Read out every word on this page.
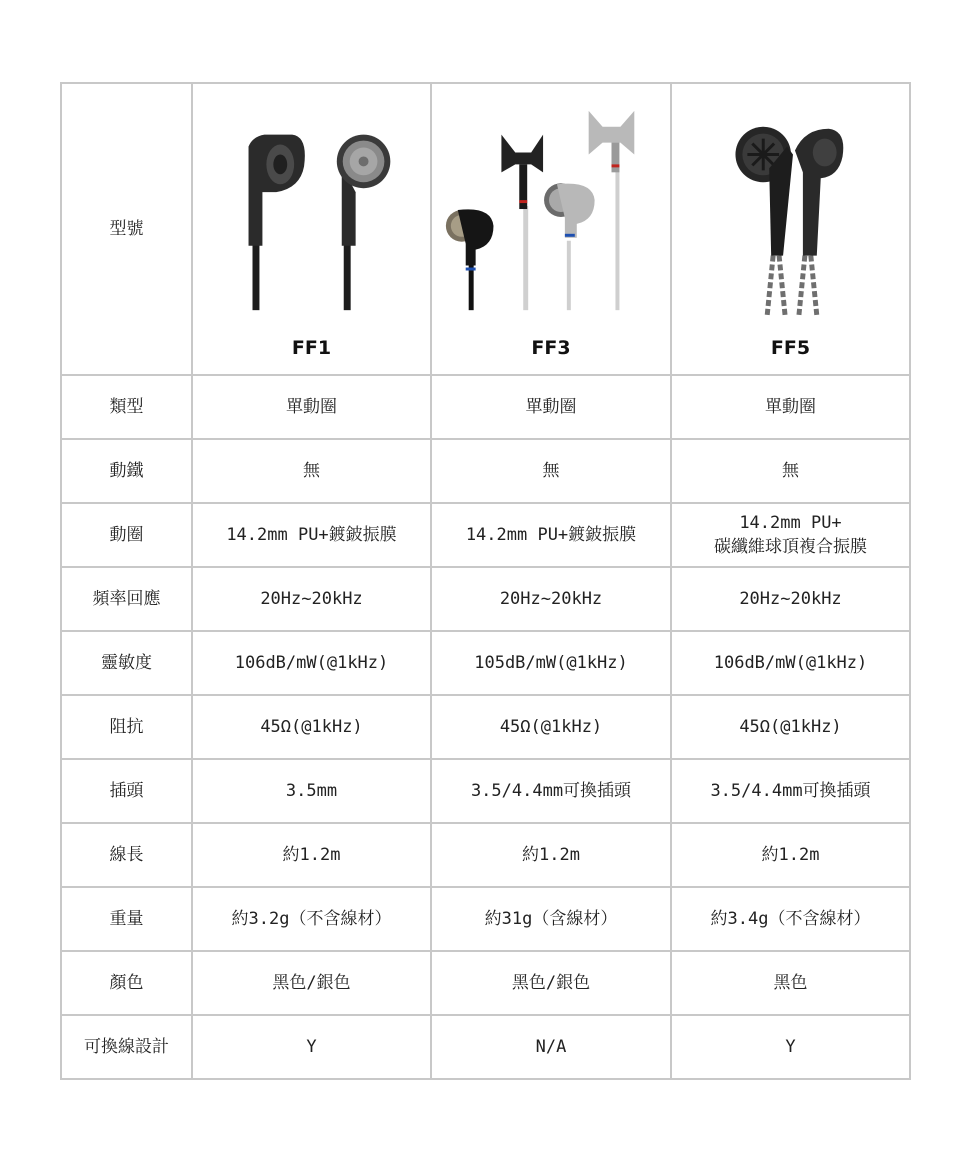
型號	FF1	FF3	FF5

類型	單動圈	單動圈	單動圈
動鐵	無	無	無
動圈	14.2mm PU+鍍鈹振膜	14.2mm PU+鍍鈹振膜	14.2mm PU+
碳纖維球頂複合振膜

頻率回應	20Hz~20kHz	20Hz~20kHz	20Hz~20kHz
靈敏度	106dB/mW(@1kHz)	105dB/mW(@1kHz)	106dB/mW(@1kHz)
阻抗	45Ω(@1kHz)	45Ω(@1kHz)	45Ω(@1kHz)
插頭	3.5mm	3.5/4.4mm可換插頭	3.5/4.4mm可換插頭
線長	約1.2m	約1.2m	約1.2m
重量	約3.2g（不含線材）	約31g（含線材）	約3.4g（不含線材）
顏色	黑色/銀色	黑色/銀色	黑色
可換線設計	Y	N/A	Y
